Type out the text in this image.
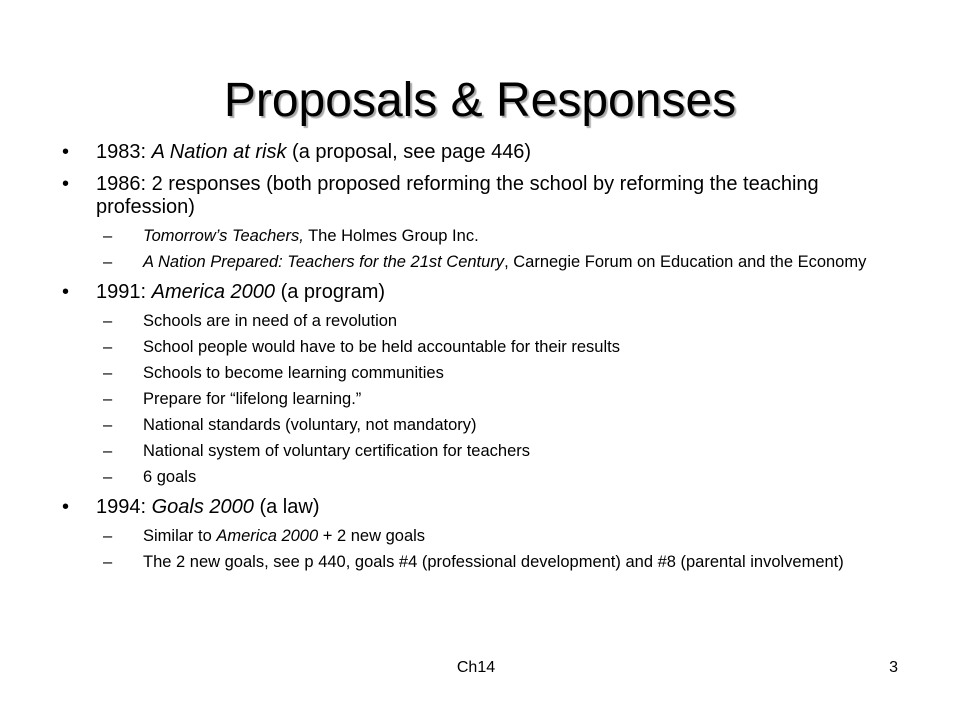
Proposals & Responses
• 1983: A Nation at risk (a proposal, see page 446)
• 1986: 2 responses (both proposed reforming the school by reforming the teaching profession)
– Tomorrow’s Teachers, The Holmes Group Inc.
– A Nation Prepared: Teachers for the 21st Century, Carnegie Forum on Education and the Economy
• 1991: America 2000 (a program)
– Schools are in need of a revolution
– School people would have to be held accountable for their results
– Schools to become learning communities
– Prepare for “lifelong learning.”
– National standards (voluntary, not mandatory)
– National system of voluntary certification for teachers
– 6 goals
• 1994: Goals 2000 (a law)
– Similar to America 2000 + 2 new goals
– The 2 new goals, see p 440, goals #4 (professional development) and #8 (parental involvement)
Ch14	3
